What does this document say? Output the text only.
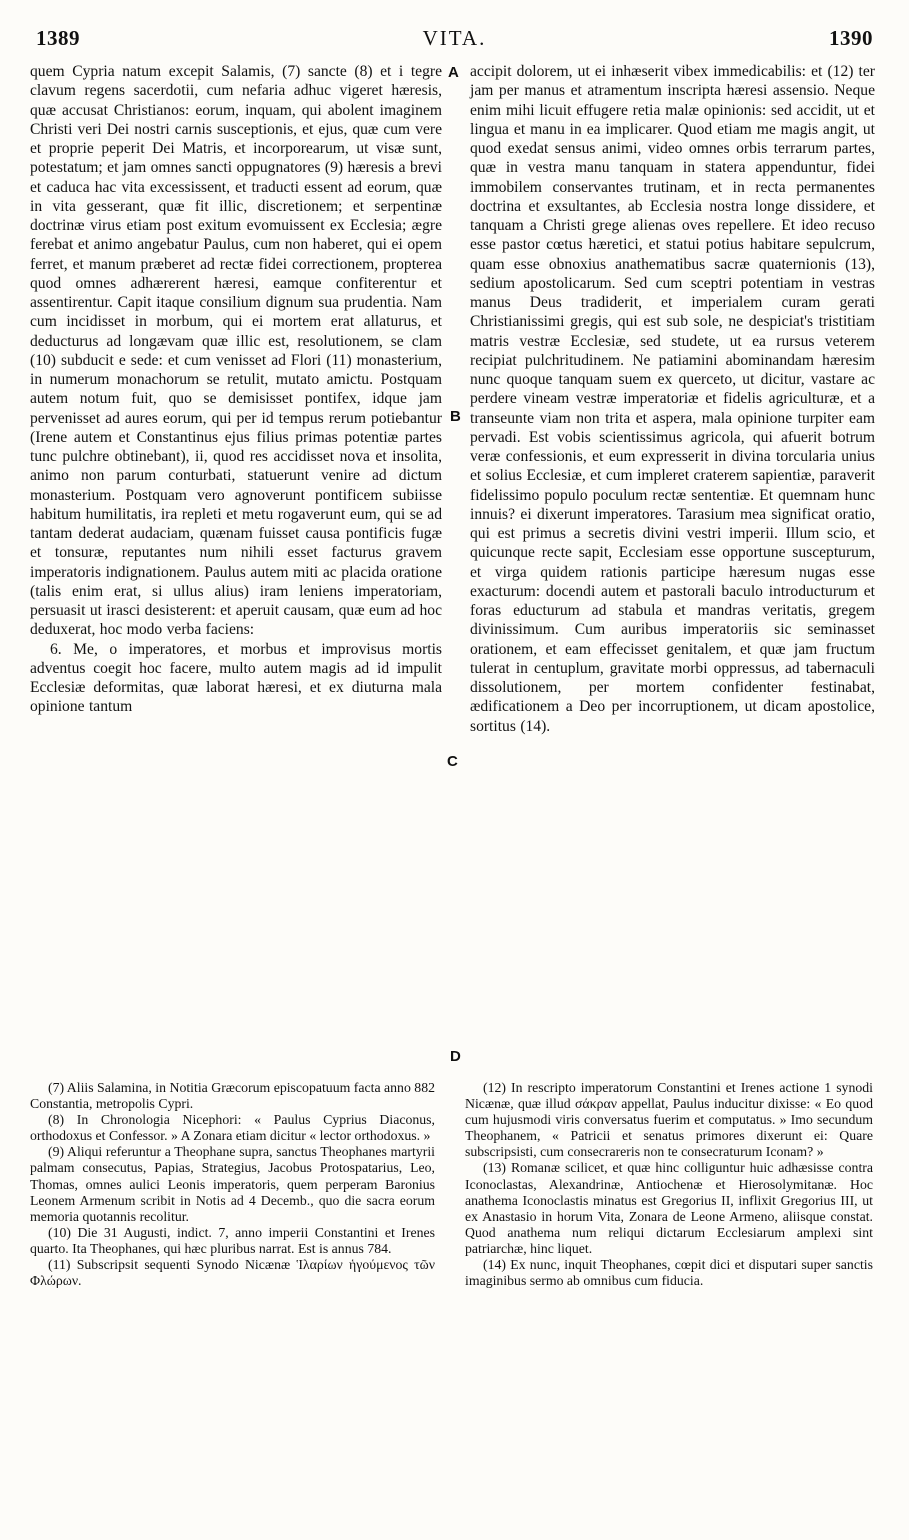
1389	VITA.	1390

quem Cypria natum excepit Salamis, (7) sancte (8) et i tegre clavum regens sacerdotii, cum nefaria adhuc vigeret hæresis, quæ accusat Christianos: eorum, inquam, qui abolent imaginem Christi veri Dei nostri carnis susceptionis, et ejus, quæ cum vere et proprie peperit Dei Matris, et incorporearum, ut visæ sunt, potestatum; et jam omnes sancti oppugnatores (9) hæresis a brevi et caduca hac vita excessissent, et traducti essent ad eorum, quæ in vita gesserant, quæ fit illic, discretionem; et serpentinæ doctrinæ virus etiam post exitum evomuissent ex Ecclesia; ægre ferebat et animo angebatur Paulus, cum non haberet, qui ei opem ferret, et manum præberet ad rectæ fidei correctionem, propterea quod omnes adhærerent hæresi, eamque confiterentur et assentirentur. Capit itaque consilium dignum sua prudentia. Nam cum incidisset in morbum, qui ei mortem erat allaturus, et deducturus ad longævam quæ illic est, resolutionem, se clam (10) subducit e sede: et cum venisset ad Flori (11) monasterium, in numerum monachorum se retulit, mutato amictu. Postquam autem notum fuit, quo se demisisset pontifex, idque jam pervenisset ad aures eorum, qui per id tempus rerum potiebantur (Irene autem et Constantinus ejus filius primas potentiæ partes tunc pulchre obtinebant), ii, quod res accidisset nova et insolita, animo non parum conturbati, statuerunt venire ad dictum monasterium. Postquam vero agnoverunt pontificem subiisse habitum humilitatis, ira repleti et metu rogaverunt eum, qui se ad tantam dederat audaciam, quænam fuisset causa pontificis fugæ et tonsuræ, reputantes num nihili esset facturus gravem imperatoris indignationem. Paulus autem miti ac placida oratione (talis enim erat, si ullus alius) iram leniens imperatoriam, persuasit ut irasci desisterent: et aperuit causam, quæ eum ad hoc deduxerat, hoc modo verba faciens:

6. Me, o imperatores, et morbus et improvisus mortis adventus coegit hoc facere, multo autem magis ad id impulit Ecclesiæ deformitas, quæ laborat hæresi, et ex diuturna mala opinione tantum

A
B
C
D

accipit dolorem, ut ei inhæserit vibex immedicabilis: et (12) ter jam per manus et atramentum inscripta hæresi assensio. Neque enim mihi licuit effugere retia malæ opinionis: sed accidit, ut et lingua et manu in ea implicarer. Quod etiam me magis angit, ut quod exedat sensus animi, video omnes orbis terrarum partes, quæ in vestra manu tanquam in statera appenduntur, fidei immobilem conservantes trutinam, et in recta permanentes doctrina et exsultantes, ab Ecclesia nostra longe dissidere, et tanquam a Christi grege alienas oves repellere. Et ideo recuso esse pastor cœtus hæretici, et statui potius habitare sepulcrum, quam esse obnoxius anathematibus sacræ quaternionis (13), sedium apostolicarum. Sed cum sceptri potentiam in vestras manus Deus tradiderit, et imperialem curam gerati Christianissimi gregis, qui est sub sole, ne despiciat's tristitiam matris vestræ Ecclesiæ, sed studete, ut ea rursus veterem recipiat pulchritudinem. Ne patiamini abominandam hæresim nunc quoque tanquam suem ex querceto, ut dicitur, vastare ac perdere vineam vestræ imperatoriæ et fidelis agriculturæ, et a transeunte viam non trita et aspera, mala opinione turpiter eam pervadi. Est vobis scientissimus agricola, qui afuerit botrum veræ confessionis, et eum expresserit in divina torcularia unius et solius Ecclesiæ, et cum impleret craterem sapientiæ, paraverit fidelissimo populo poculum rectæ sententiæ. Et quemnam hunc innuis? ei dixerunt imperatores. Tarasium mea significat oratio, qui est primus a secretis divini vestri imperii. Illum scio, et quicunque recte sapit, Ecclesiam esse opportune suscepturum, et virga quidem rationis participe hæresum nugas esse exacturum: docendi autem et pastorali baculo introducturum et foras educturum ad stabula et mandras veritatis, gregem divinissimum. Cum auribus imperatoriis sic seminasset orationem, et eam effecisset genitalem, et quæ jam fructum tulerat in centuplum, gravitate morbi oppressus, ad tabernaculi dissolutionem, per mortem confidenter festinabat, ædificationem a Deo per incorruptionem, ut dicam apostolice, sortitus (14).

(7) Aliis Salamina, in Notitia Græcorum episcopatuum facta anno 882 Constantia, metropolis Cypri.

(8) In Chronologia Nicephori: « Paulus Cyprius Diaconus, orthodoxus et Confessor. » A Zonara etiam dicitur « lector orthodoxus. »

(9) Aliqui referuntur a Theophane supra, sanctus Theophanes martyrii palmam consecutus, Papias, Strategius, Jacobus Protospatarius, Leo, Thomas, omnes aulici Leonis imperatoris, quem perperam Baronius Leonem Armenum scribit in Notis ad 4 Decemb., quo die sacra eorum memoria quotannis recolitur.

(10) Die 31 Augusti, indict. 7, anno imperii Constantini et Irenes quarto. Ita Theophanes, qui hæc pluribus narrat. Est is annus 784.

(11) Subscripsit sequenti Synodo Nicænæ Ἱλαρίων ἡγούμενος τῶν Φλώρων.

(12) In rescripto imperatorum Constantini et Irenes actione 1 synodi Nicænæ, quæ illud σάκραν appellat, Paulus inducitur dixisse: « Eo quod cum hujusmodi viris conversatus fuerim et computatus. » Imo secundum Theophanem, « Patricii et senatus primores dixerunt ei: Quare subscripsisti, cum consecrareris non te consecraturum Iconam? »

(13) Romanæ scilicet, et quæ hinc colliguntur huic adhæsisse contra Iconoclastas, Alexandrinæ, Antiochenæ et Hierosolymitanæ. Hoc anathema Iconoclastis minatus est Gregorius II, inflixit Gregorius III, ut ex Anastasio in horum Vita, Zonara de Leone Armeno, aliisque constat. Quod anathema num reliqui dictarum Ecclesiarum amplexi sint patriarchæ, hinc liquet.

(14) Ex nunc, inquit Theophanes, cœpit dici et disputari super sanctis imaginibus sermo ab omnibus cum fiducia.
